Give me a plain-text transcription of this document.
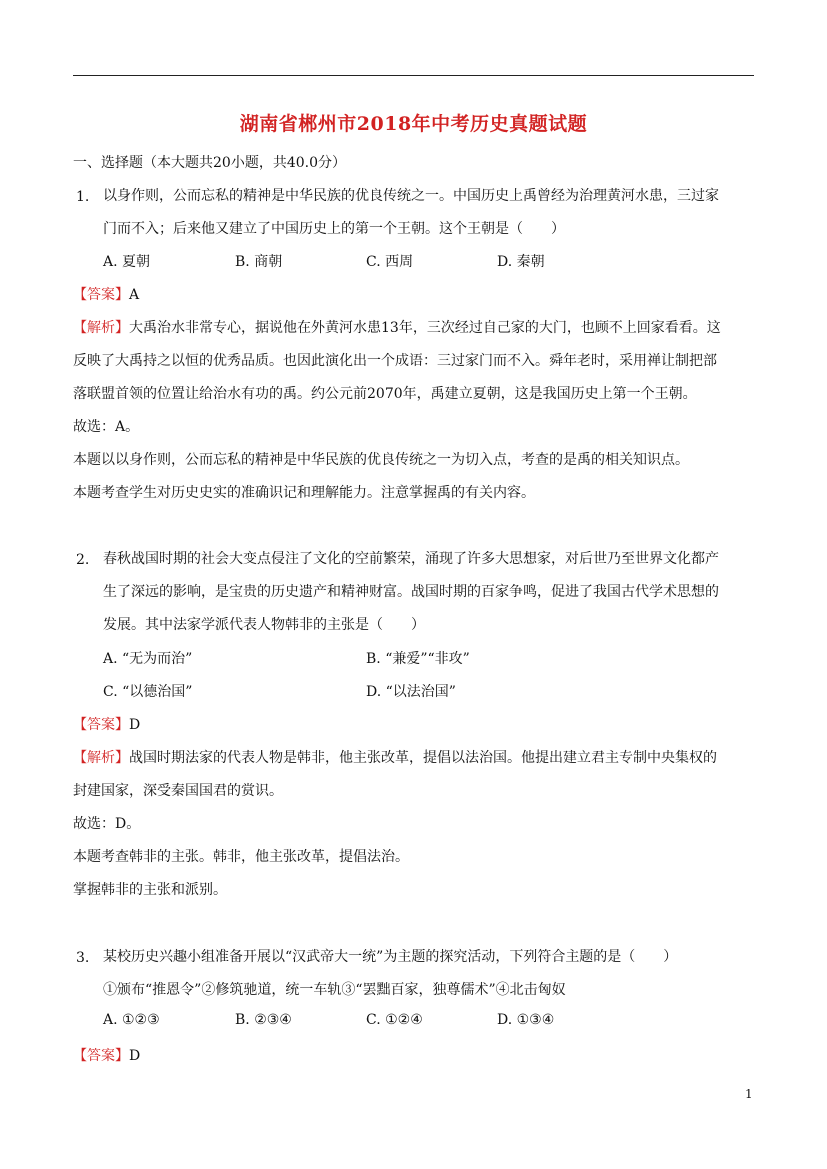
湖南省郴州市2018年中考历史真题试题
一、选择题（本大题共20小题，共40.0分）
1. 以身作则，公而忘私的精神是中华民族的优良传统之一。中国历史上禹曾经为治理黄河水患，三过家
门而不入；后来他又建立了中国历史上的第一个王朝。这个王朝是（　　）
A. 夏朝	B. 商朝	C. 西周	D. 秦朝
【答案】A
【解析】大禹治水非常专心，据说他在外黄河水患13年，三次经过自己家的大门，也顾不上回家看看。这
反映了大禹持之以恒的优秀品质。也因此演化出一个成语：三过家门而不入。舜年老时，采用禅让制把部
落联盟首领的位置让给治水有功的禹。约公元前2070年，禹建立夏朝，这是我国历史上第一个王朝。
故选：A。
本题以以身作则，公而忘私的精神是中华民族的优良传统之一为切入点，考查的是禹的相关知识点。
本题考查学生对历史史实的准确识记和理解能力。注意掌握禹的有关内容。
2. 春秋战国时期的社会大变点侵注了文化的空前繁荣，涌现了许多大思想家，对后世乃至世界文化都产
生了深远的影响，是宝贵的历史遗产和精神财富。战国时期的百家争鸣，促进了我国古代学术思想的
发展。其中法家学派代表人物韩非的主张是（　　）
A. “无为而治”	B. “兼爱”“非攻”
C. “以德治国”	D. “以法治国”
【答案】D
【解析】战国时期法家的代表人物是韩非，他主张改革，提倡以法治国。他提出建立君主专制中央集权的
封建国家，深受秦国国君的赏识。
故选：D。
本题考查韩非的主张。韩非，他主张改革，提倡法治。
掌握韩非的主张和派别。
3. 某校历史兴趣小组准备开展以“汉武帝大一统”为主题的探究活动，下列符合主题的是（　　）
①颁布“推恩令”②修筑驰道，统一车轨③“罢黜百家，独尊儒术”④北击匈奴
A. ①②③	B. ②③④	C. ①②④	D. ①③④
【答案】D
1
